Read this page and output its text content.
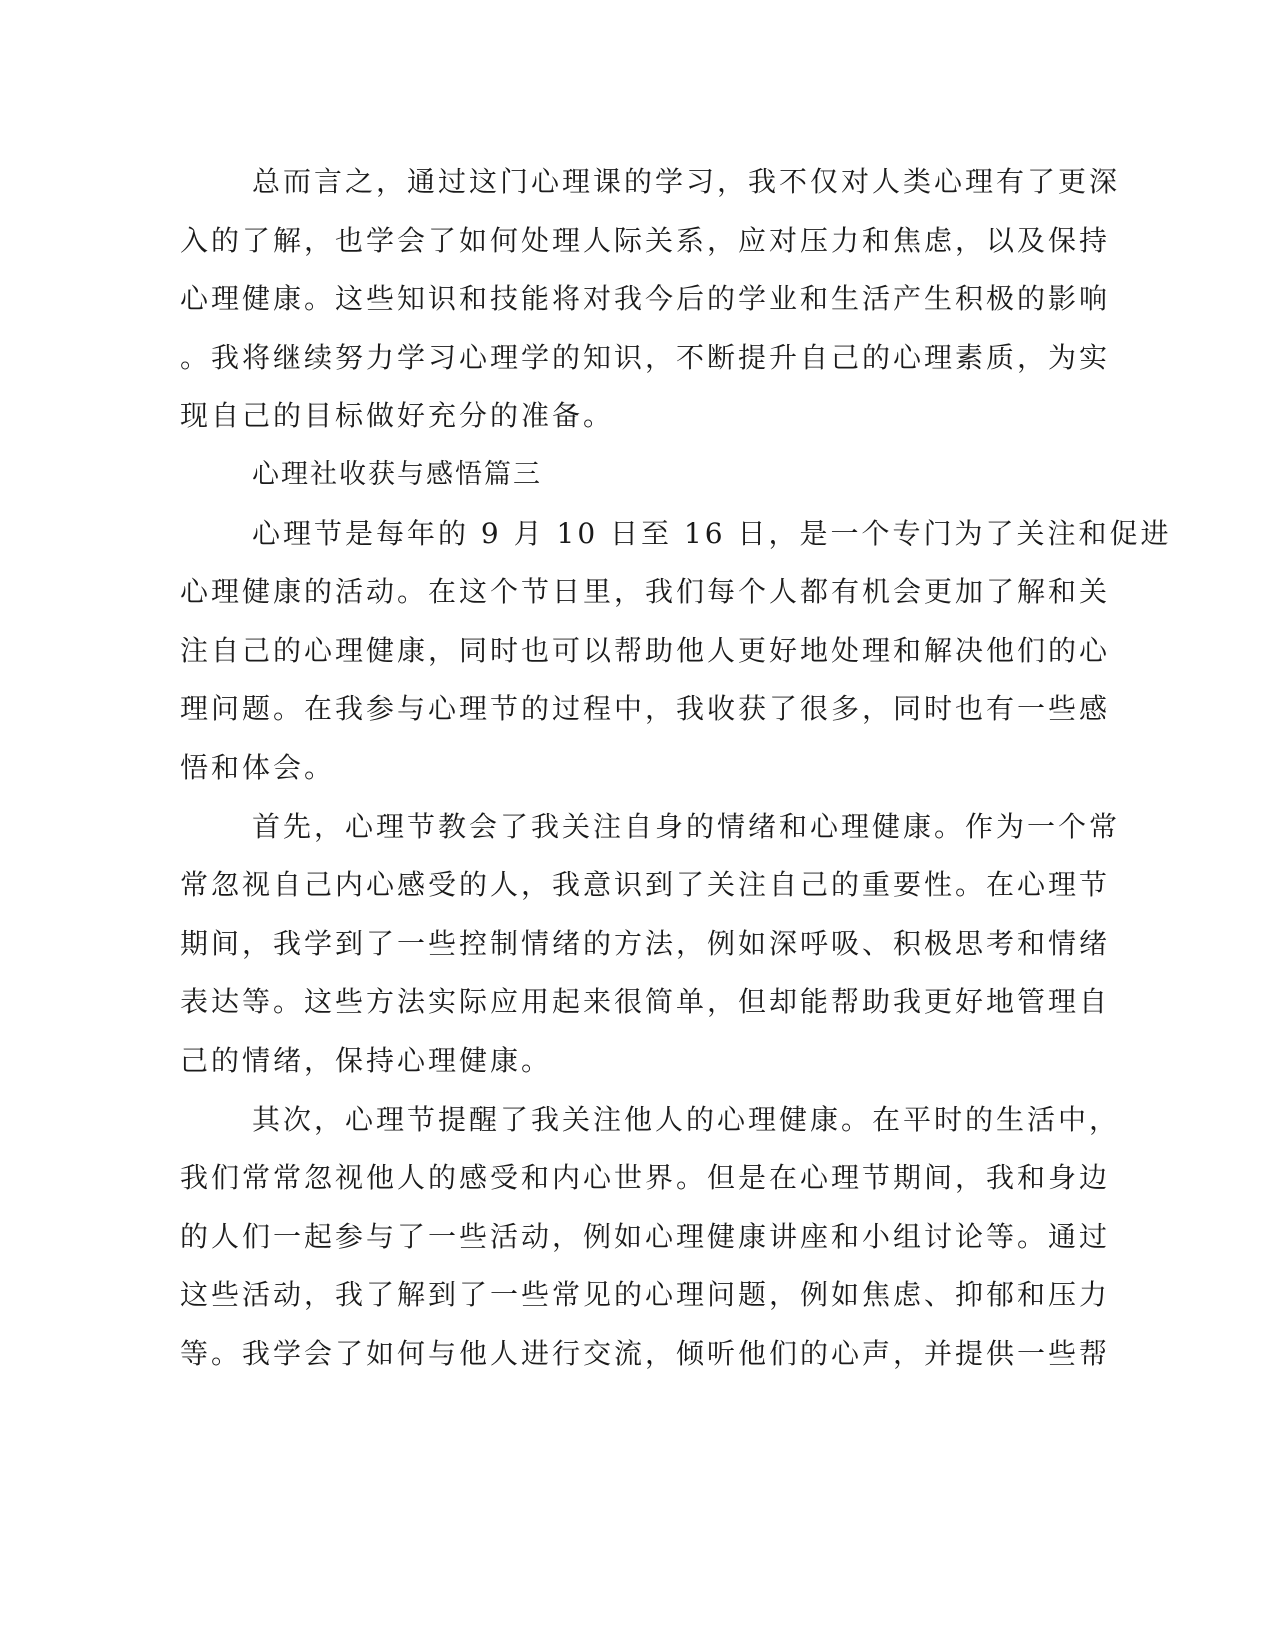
总而言之，通过这门心理课的学习，我不仅对人类心理有了更深
入的了解，也学会了如何处理人际关系，应对压力和焦虑，以及保持
心理健康。这些知识和技能将对我今后的学业和生活产生积极的影响
。我将继续努力学习心理学的知识，不断提升自己的心理素质，为实
现自己的目标做好充分的准备。
心理社收获与感悟篇三
心理节是每年的 9 月 10 日至 16 日，是一个专门为了关注和促进
心理健康的活动。在这个节日里，我们每个人都有机会更加了解和关
注自己的心理健康，同时也可以帮助他人更好地处理和解决他们的心
理问题。在我参与心理节的过程中，我收获了很多，同时也有一些感
悟和体会。
首先，心理节教会了我关注自身的情绪和心理健康。作为一个常
常忽视自己内心感受的人，我意识到了关注自己的重要性。在心理节
期间，我学到了一些控制情绪的方法，例如深呼吸、积极思考和情绪
表达等。这些方法实际应用起来很简单，但却能帮助我更好地管理自
己的情绪，保持心理健康。
其次，心理节提醒了我关注他人的心理健康。在平时的生活中，
我们常常忽视他人的感受和内心世界。但是在心理节期间，我和身边
的人们一起参与了一些活动，例如心理健康讲座和小组讨论等。通过
这些活动，我了解到了一些常见的心理问题，例如焦虑、抑郁和压力
等。我学会了如何与他人进行交流，倾听他们的心声，并提供一些帮
